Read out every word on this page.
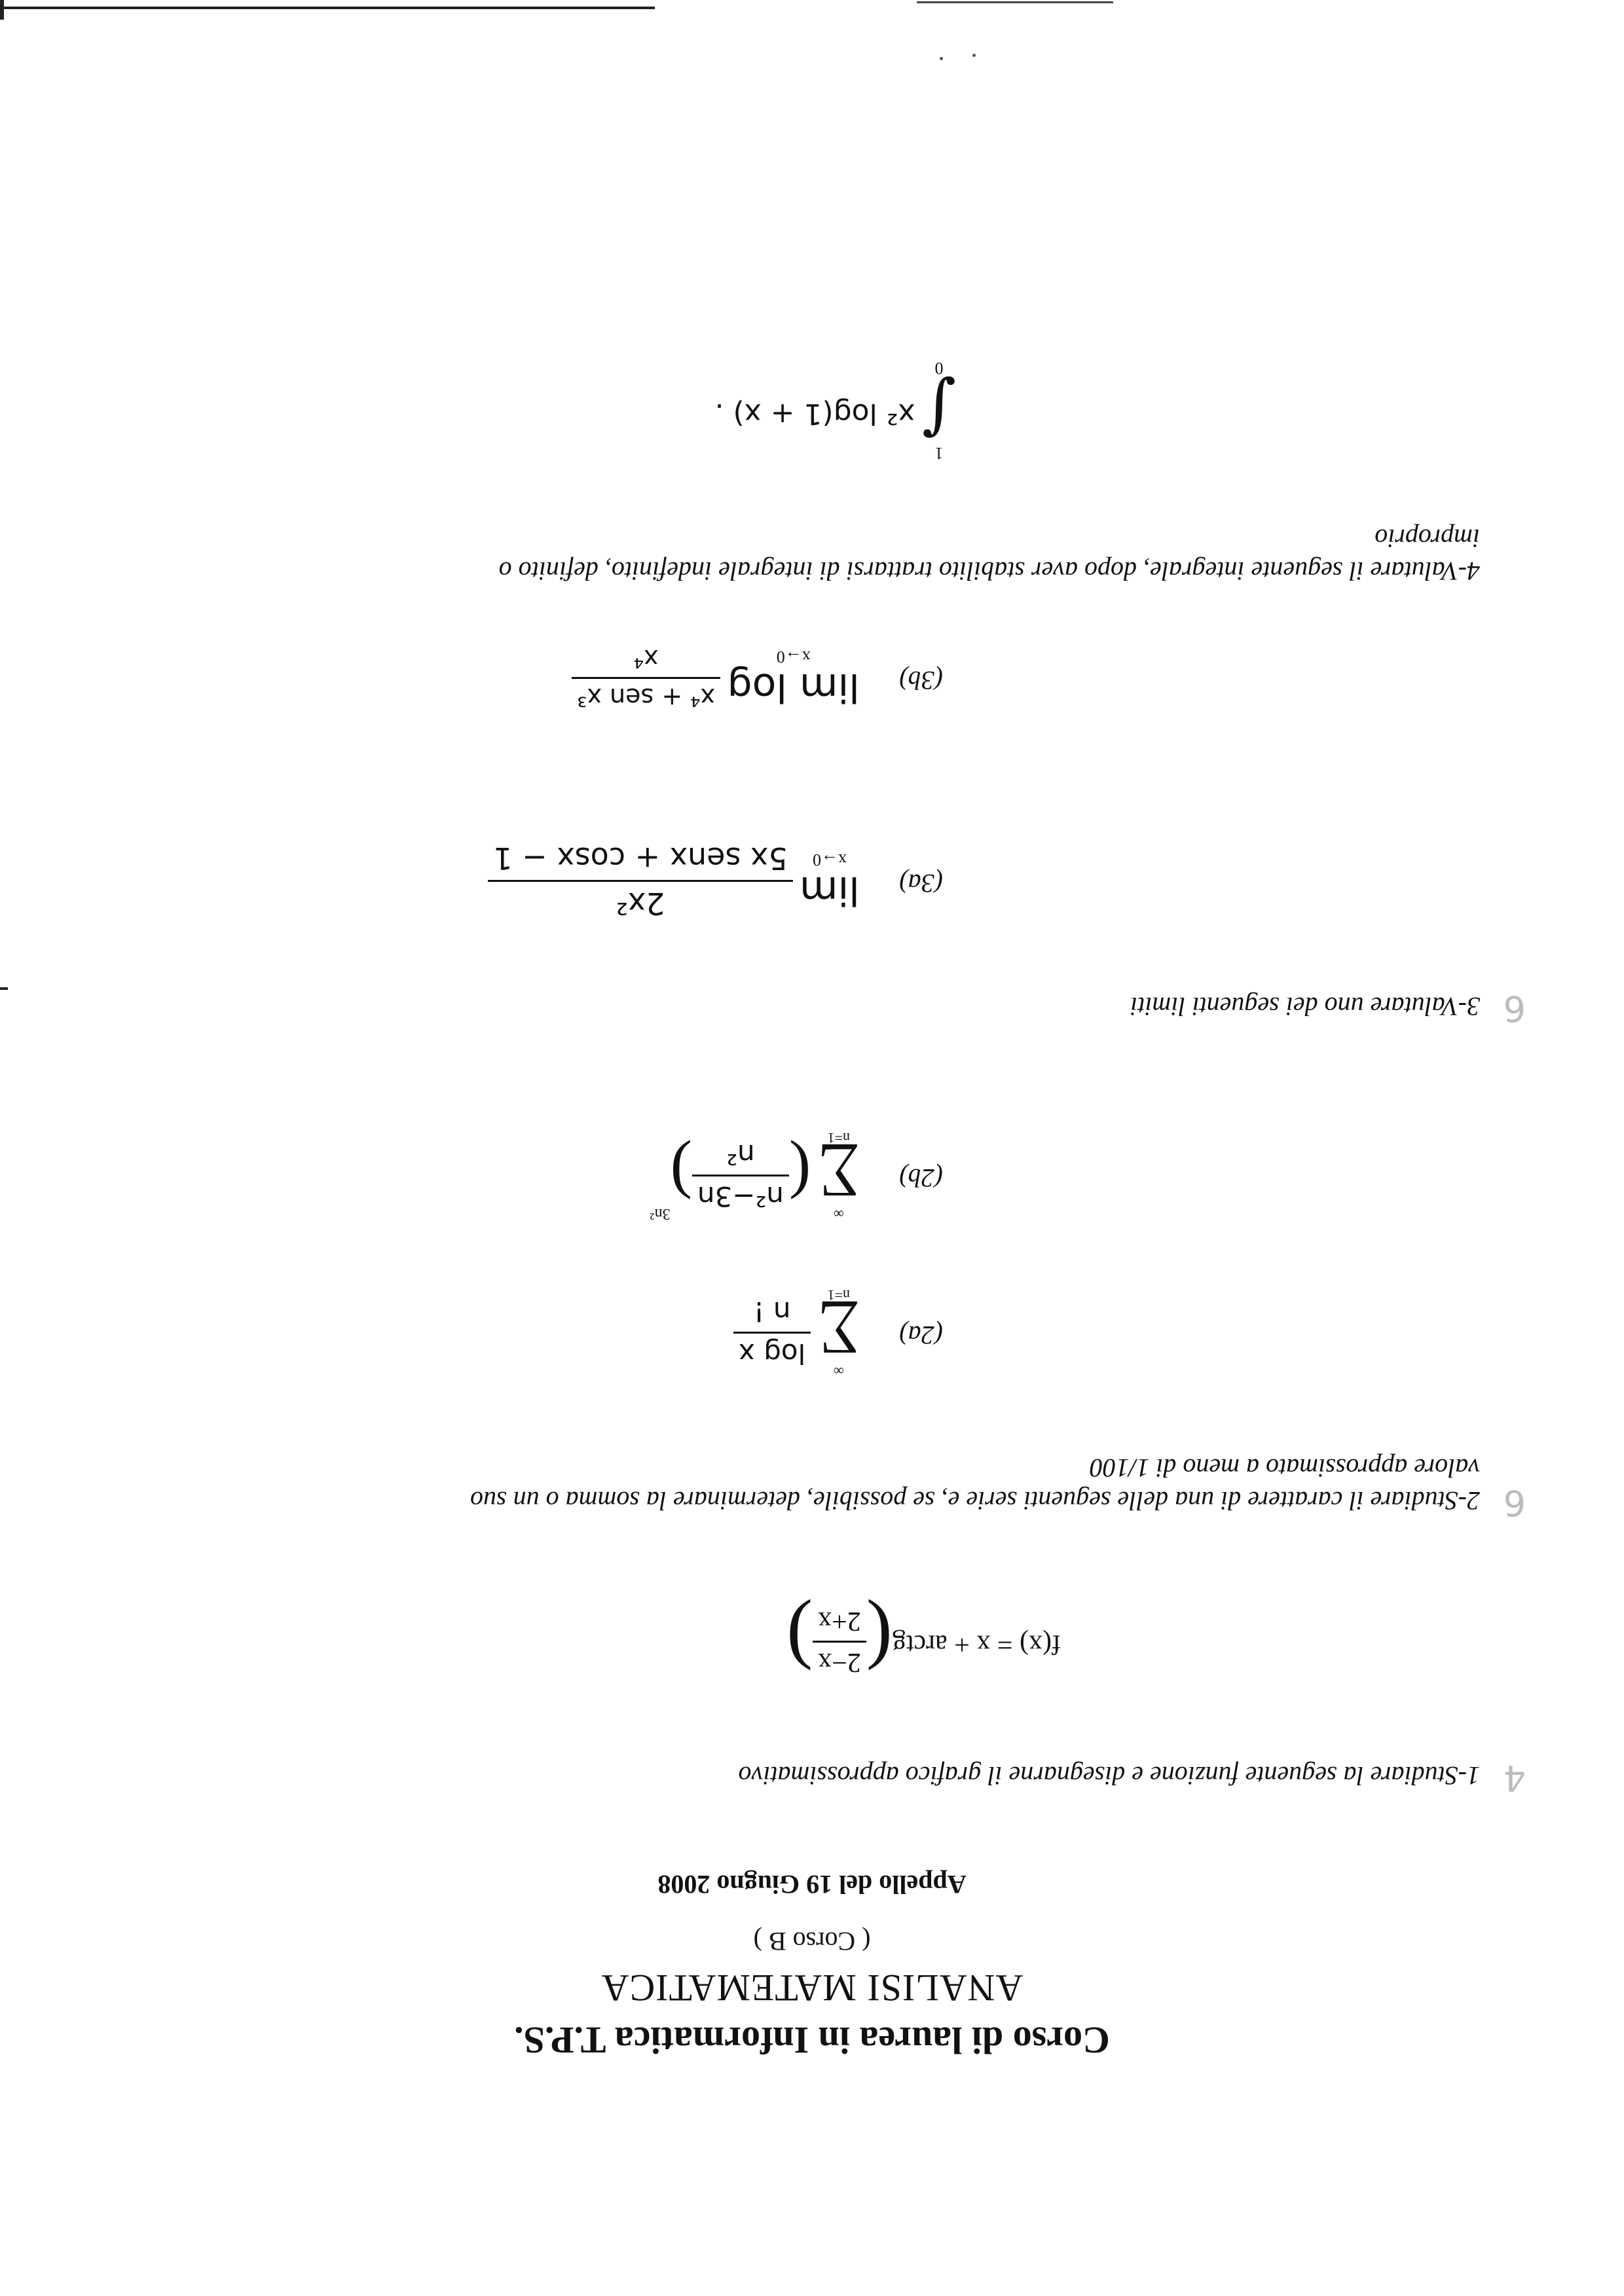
Corso di laurea in Informatica T.P.S.
ANALISI MATEMATICA
( Corso B )
Appello del 19 Giugno 2008
4
1-Studiare la seguente funzione e disegnarne il grafico approssimativo
f(x) = x + arctg(
2−x
2+x
)
6
2-Studiare il carattere di una delle seguenti serie e, se possibile, determinare la somma o un suo
valore approssimato a meno di 1/100
(2a) ∞
∑
n=1
log x
n !
(2b) ∞
∑
n=1 (
n²−3n
n²
)$^{3n^2}$
6
3-Valutare uno dei seguenti limiti
(3a)
lim
x→0

2x²
5x senx + cosx − 1
(3b)
lim log
x→0

x⁴ + sen x³
x⁴
4-Valutare il seguente integrale, dopo aver stabilito trattarsi di integrale indefinito, definito o
improprio
1
∫
0 x² log(1 + x) .
